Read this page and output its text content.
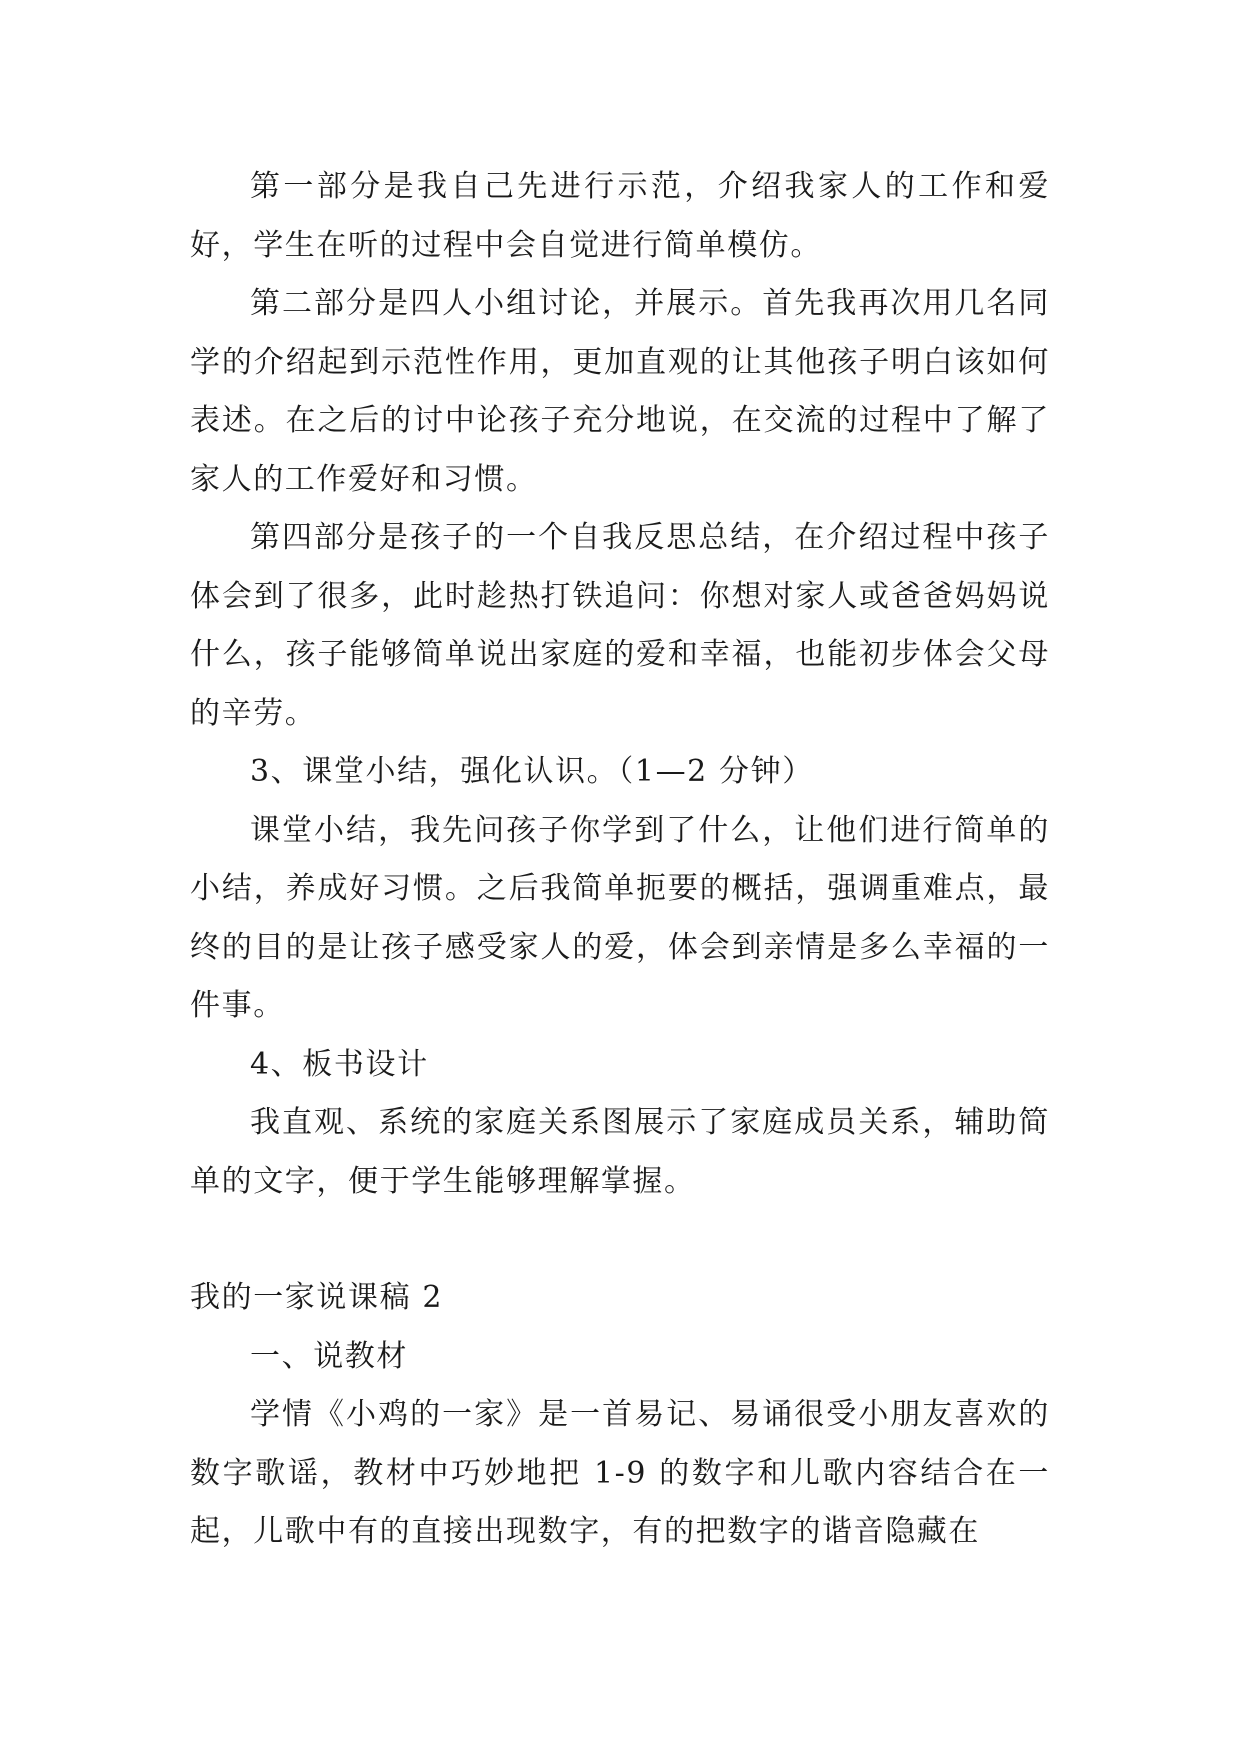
第一部分是我自己先进行示范，介绍我家人的工作和爱好，学生在听的过程中会自觉进行简单模仿。

第二部分是四人小组讨论，并展示。首先我再次用几名同学的介绍起到示范性作用，更加直观的让其他孩子明白该如何表述。在之后的讨中论孩子充分地说，在交流的过程中了解了家人的工作爱好和习惯。

第四部分是孩子的一个自我反思总结，在介绍过程中孩子体会到了很多，此时趁热打铁追问：你想对家人或爸爸妈妈说什么，孩子能够简单说出家庭的爱和幸福，也能初步体会父母的辛劳。

3、课堂小结，强化认识。（1—2 分钟）

课堂小结，我先问孩子你学到了什么，让他们进行简单的小结，养成好习惯。之后我简单扼要的概括，强调重难点，最终的目的是让孩子感受家人的爱，体会到亲情是多么幸福的一件事。

4、板书设计

我直观、系统的家庭关系图展示了家庭成员关系，辅助简单的文字，便于学生能够理解掌握。

我的一家说课稿 2

一、说教材

学情《小鸡的一家》是一首易记、易诵很受小朋友喜欢的数字歌谣，教材中巧妙地把 1-9 的数字和儿歌内容结合在一起，儿歌中有的直接出现数字，有的把数字的谐音隐藏在
